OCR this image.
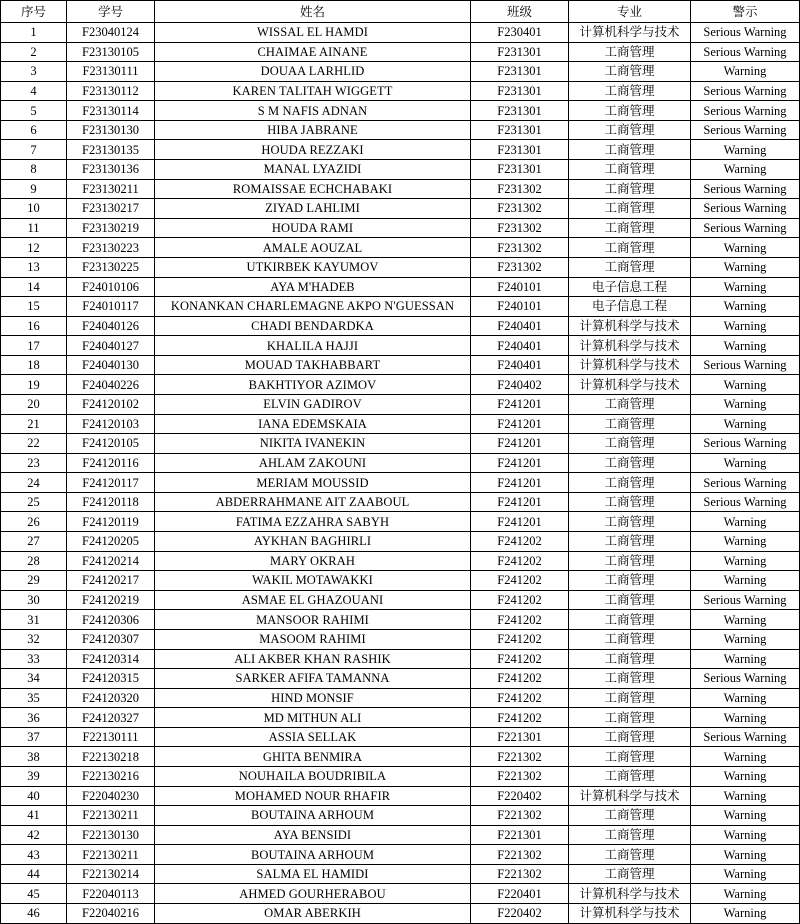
序号	学号	姓名	班级	专业	警示
1	F23040124	WISSAL EL HAMDI	F230401	计算机科学与技术	Serious Warning
2	F23130105	CHAIMAE AINANE	F231301	工商管理	Serious Warning
3	F23130111	DOUAA LARHLID	F231301	工商管理	Warning
4	F23130112	KAREN TALITAH WIGGETT	F231301	工商管理	Serious Warning
5	F23130114	S M NAFIS ADNAN	F231301	工商管理	Serious Warning
6	F23130130	HIBA JABRANE	F231301	工商管理	Serious Warning
7	F23130135	HOUDA REZZAKI	F231301	工商管理	Warning
8	F23130136	MANAL LYAZIDI	F231301	工商管理	Warning
9	F23130211	ROMAISSAE ECHCHABAKI	F231302	工商管理	Serious Warning
10	F23130217	ZIYAD LAHLIMI	F231302	工商管理	Serious Warning
11	F23130219	HOUDA RAMI	F231302	工商管理	Serious Warning
12	F23130223	AMALE AOUZAL	F231302	工商管理	Warning
13	F23130225	UTKIRBEK KAYUMOV	F231302	工商管理	Warning
14	F24010106	AYA M'HADEB	F240101	电子信息工程	Warning
15	F24010117	KONANKAN CHARLEMAGNE AKPO N'GUESSAN	F240101	电子信息工程	Warning
16	F24040126	CHADI BENDARDKA	F240401	计算机科学与技术	Warning
17	F24040127	KHALILA HAJJI	F240401	计算机科学与技术	Warning
18	F24040130	MOUAD TAKHABBART	F240401	计算机科学与技术	Serious Warning
19	F24040226	BAKHTIYOR AZIMOV	F240402	计算机科学与技术	Warning
20	F24120102	ELVIN GADIROV	F241201	工商管理	Warning
21	F24120103	IANA EDEMSKAIA	F241201	工商管理	Warning
22	F24120105	NIKITA IVANEKIN	F241201	工商管理	Serious Warning
23	F24120116	AHLAM ZAKOUNI	F241201	工商管理	Warning
24	F24120117	MERIAM MOUSSID	F241201	工商管理	Serious Warning
25	F24120118	ABDERRAHMANE AIT ZAABOUL	F241201	工商管理	Serious Warning
26	F24120119	FATIMA EZZAHRA SABYH	F241201	工商管理	Warning
27	F24120205	AYKHAN BAGHIRLI	F241202	工商管理	Warning
28	F24120214	MARY OKRAH	F241202	工商管理	Warning
29	F24120217	WAKIL MOTAWAKKI	F241202	工商管理	Warning
30	F24120219	ASMAE EL GHAZOUANI	F241202	工商管理	Serious Warning
31	F24120306	MANSOOR RAHIMI	F241202	工商管理	Warning
32	F24120307	MASOOM RAHIMI	F241202	工商管理	Warning
33	F24120314	ALI AKBER KHAN RASHIK	F241202	工商管理	Warning
34	F24120315	SARKER AFIFA TAMANNA	F241202	工商管理	Serious Warning
35	F24120320	HIND MONSIF	F241202	工商管理	Warning
36	F24120327	MD MITHUN ALI	F241202	工商管理	Warning
37	F22130111	ASSIA SELLAK	F221301	工商管理	Serious Warning
38	F22130218	GHITA BENMIRA	F221302	工商管理	Warning
39	F22130216	NOUHAILA BOUDRIBILA	F221302	工商管理	Warning
40	F22040230	MOHAMED NOUR RHAFIR	F220402	计算机科学与技术	Warning
41	F22130211	BOUTAINA ARHOUM	F221302	工商管理	Warning
42	F22130130	AYA BENSIDI	F221301	工商管理	Warning
43	F22130211	BOUTAINA ARHOUM	F221302	工商管理	Warning
44	F22130214	SALMA EL HAMIDI	F221302	工商管理	Warning
45	F22040113	AHMED GOURHERABOU	F220401	计算机科学与技术	Warning
46	F22040216	OMAR ABERKIH	F220402	计算机科学与技术	Warning
